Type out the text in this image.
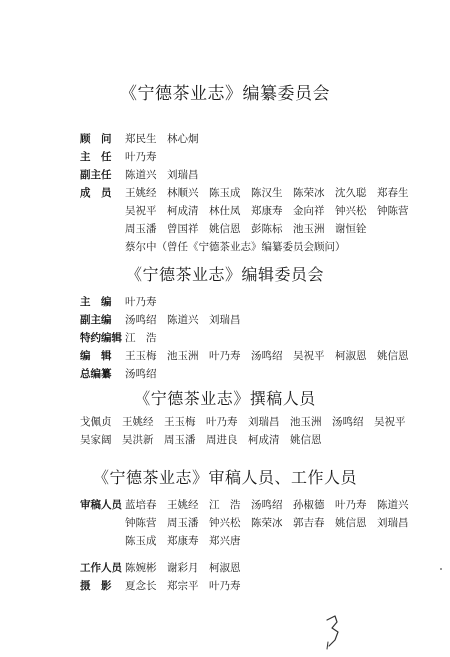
《宁德茶业志》编纂委员会
顾　问 郑民生　林心炯
主　任 叶乃寿
副主任 陈道兴　刘瑞昌
成　员 王姚经　林顺兴　陈玉成　陈汉生　陈荣冰　沈久聪　郑春生
吴祝平　柯成清　林仕凤　郑康寿　金向祥　钟兴松　钟陈营
周玉潘　曾国祥　姚信恩　彭陈标　池玉洲　谢恒铨
蔡尔中（曾任《宁德茶业志》编纂委员会顾问）
《宁德茶业志》编辑委员会
主　编 叶乃寿
副主编 汤鸣绍　陈道兴　刘瑞昌
特约编辑 江　浩
编　辑 王玉梅　池玉洲　叶乃寿　汤鸣绍　吴祝平　柯淑恩　姚信恩
总编纂 汤鸣绍
《宁德茶业志》撰稿人员
戈佩贞　王姚经　王玉梅　叶乃寿　刘瑞昌　池玉洲　汤鸣绍　吴祝平
吴家阔　吴洪新　周玉潘　周进良　柯成清　姚信恩
《宁德茶业志》审稿人员、工作人员
审稿人员 蓝培春　王姚经　江　浩　汤鸣绍　孙椒德　叶乃寿　陈道兴
钟陈营　周玉潘　钟兴松　陈荣冰　郭吉春　姚信恩　刘瑞昌
陈玉成　郑康寿　郑兴唐
工作人员 陈婉彬　谢彩月　柯淑恩
摄　影 夏念长　郑宗平　叶乃寿
